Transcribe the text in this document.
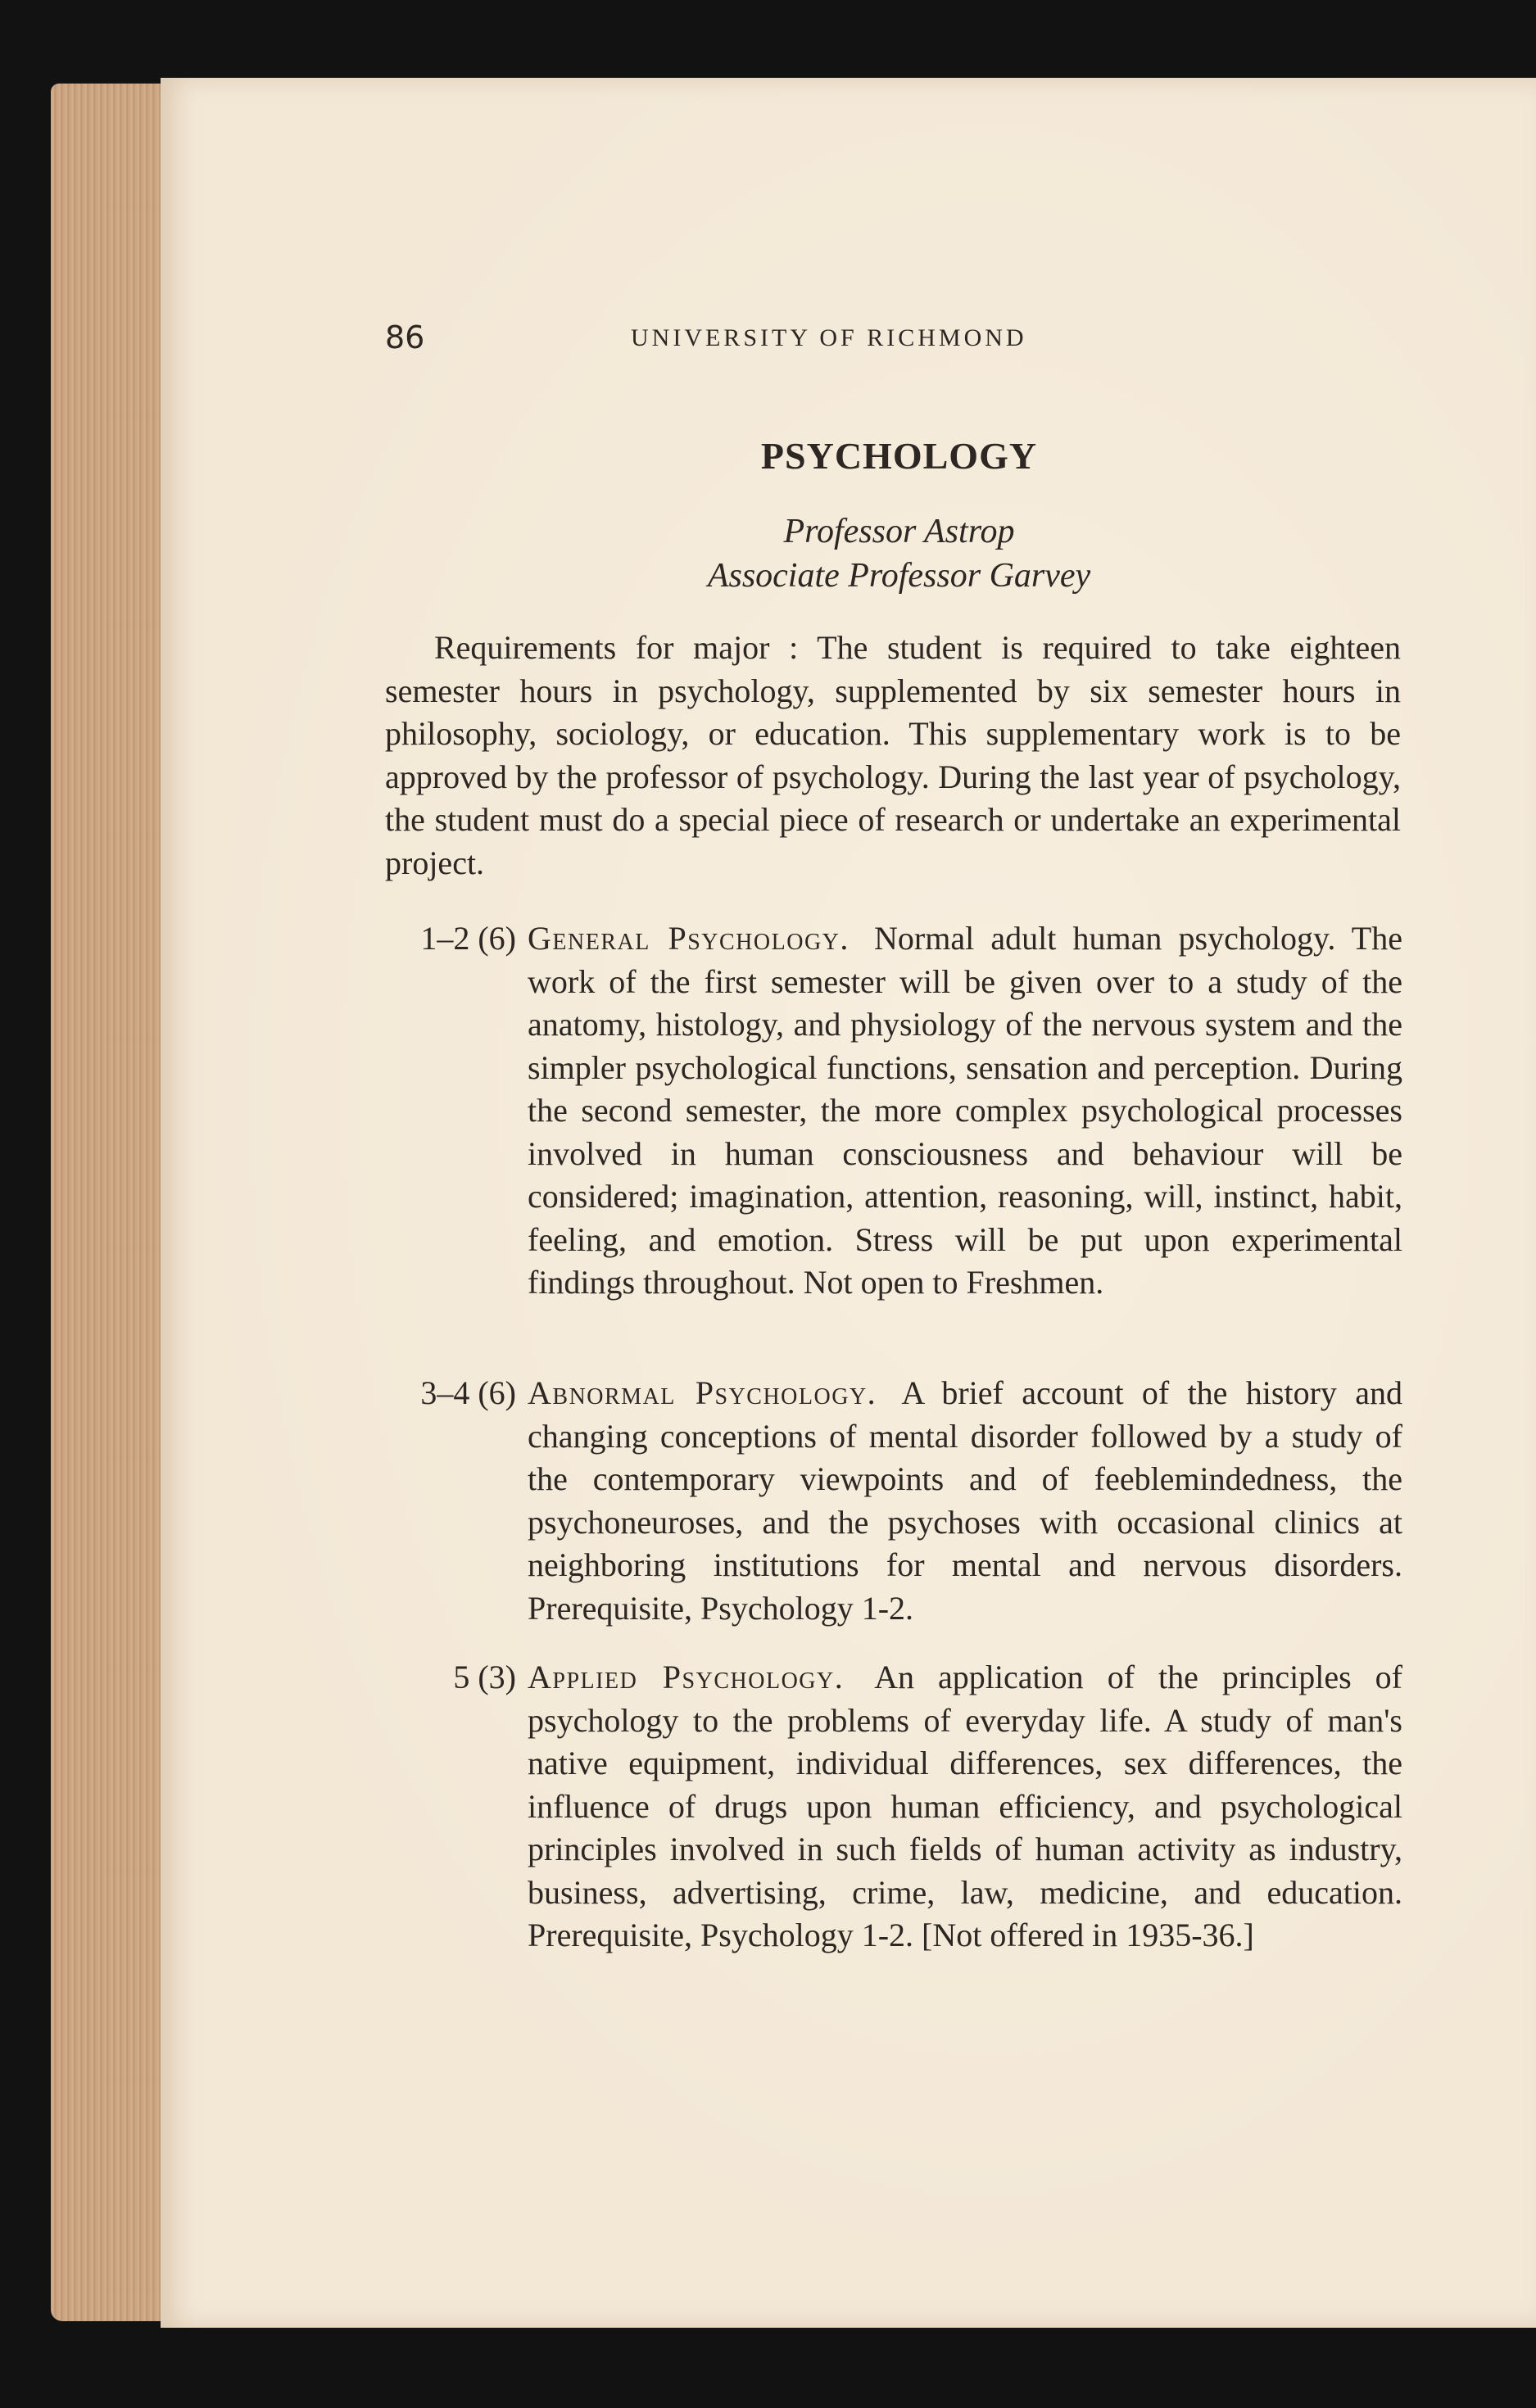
86	UNIVERSITY OF RICHMOND
PSYCHOLOGY
Professor Astrop
Associate Professor Garvey

Requirements for major : The student is required to take eighteen semester hours in psychology, supplemented by six semester hours in philosophy, sociology, or education. This supplementary work is to be approved by the professor of psychology. During the last year of psychology, the student must do a special piece of research or undertake an experimental project.

1–2 (6) General Psychology. Normal adult human psychology. The work of the first semester will be given over to a study of the anatomy, histology, and physiology of the nervous system and the simpler psychological functions, sensation and perception. During the second semester, the more complex psychological processes involved in human consciousness and behaviour will be considered; imagination, attention, reasoning, will, instinct, habit, feeling, and emotion. Stress will be put upon experimental findings throughout. Not open to Freshmen.
3–4 (6) Abnormal Psychology. A brief account of the history and changing conceptions of mental disorder followed by a study of the contemporary viewpoints and of feeblemindedness, the psychoneuroses, and the psychoses with occasional clinics at neighboring institutions for mental and nervous disorders. Prerequisite, Psychology 1-2.
5 (3) Applied Psychology. An application of the principles of psychology to the problems of everyday life. A study of man's native equipment, individual differences, sex differences, the influence of drugs upon human efficiency, and psychological principles involved in such fields of human activity as industry, business, advertising, crime, law, medicine, and education. Prerequisite, Psychology 1-2. [Not offered in 1935-36.]
